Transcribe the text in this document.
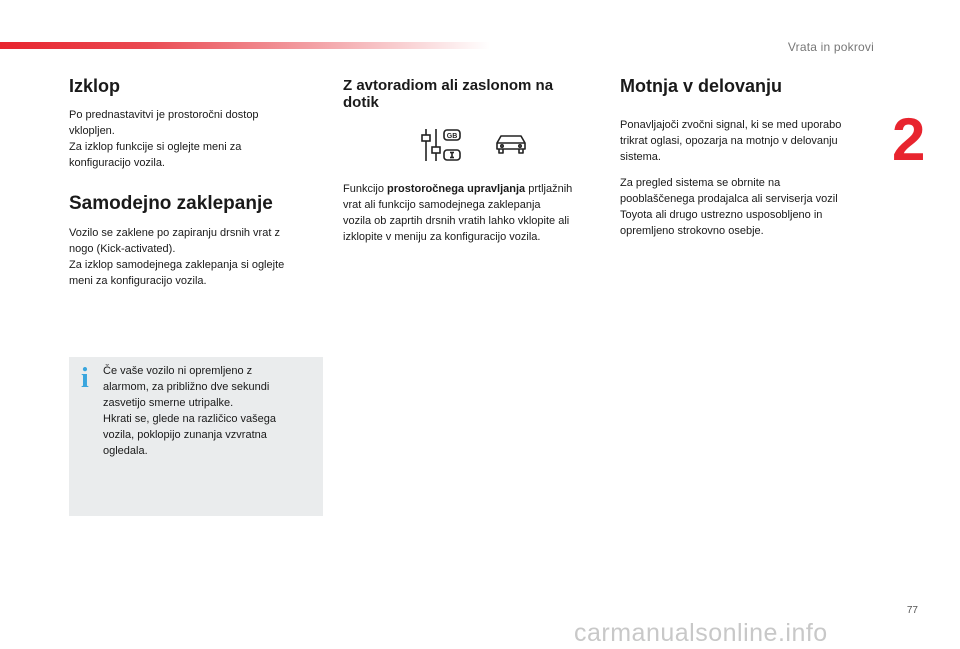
Vrata in pokrovi
2
Izklop

Po prednastavitvi je prostoročni dostop
vklopljen.
Za izklop funkcije si oglejte meni za
konfiguracijo vozila.

Samodejno zaklepanje

Vozilo se zaklene po zapiranju drsnih vrat z
nogo (Kick-activated).
Za izklop samodejnega zaklepanja si oglejte
meni za konfiguracijo vozila.

i Če vaše vozilo ni opremljeno z
alarmom, za približno dve sekundi
zasvetijo smerne utripalke.
Hkrati se, glede na različico vašega
vozila, poklopijo zunanja vzvratna
ogledala.
Z avtoradiom ali zaslonom na
dotik
GB

Funkcijo prostoročnega upravljanja prtljažnih
vrat ali funkcijo samodejnega zaklepanja
vozila ob zaprtih drsnih vratih lahko vklopite ali
izklopite v meniju za konfiguracijo vozila.

Motnja v delovanju

Ponavljajoči zvočni signal, ki se med uporabo
trikrat oglasi, opozarja na motnjo v delovanju
sistema.

Za pregled sistema se obrnite na
pooblaščenega prodajalca ali serviserja vozil
Toyota ali drugo ustrezno usposobljeno in
opremljeno strokovno osebje.

77
carmanualsonline.info
